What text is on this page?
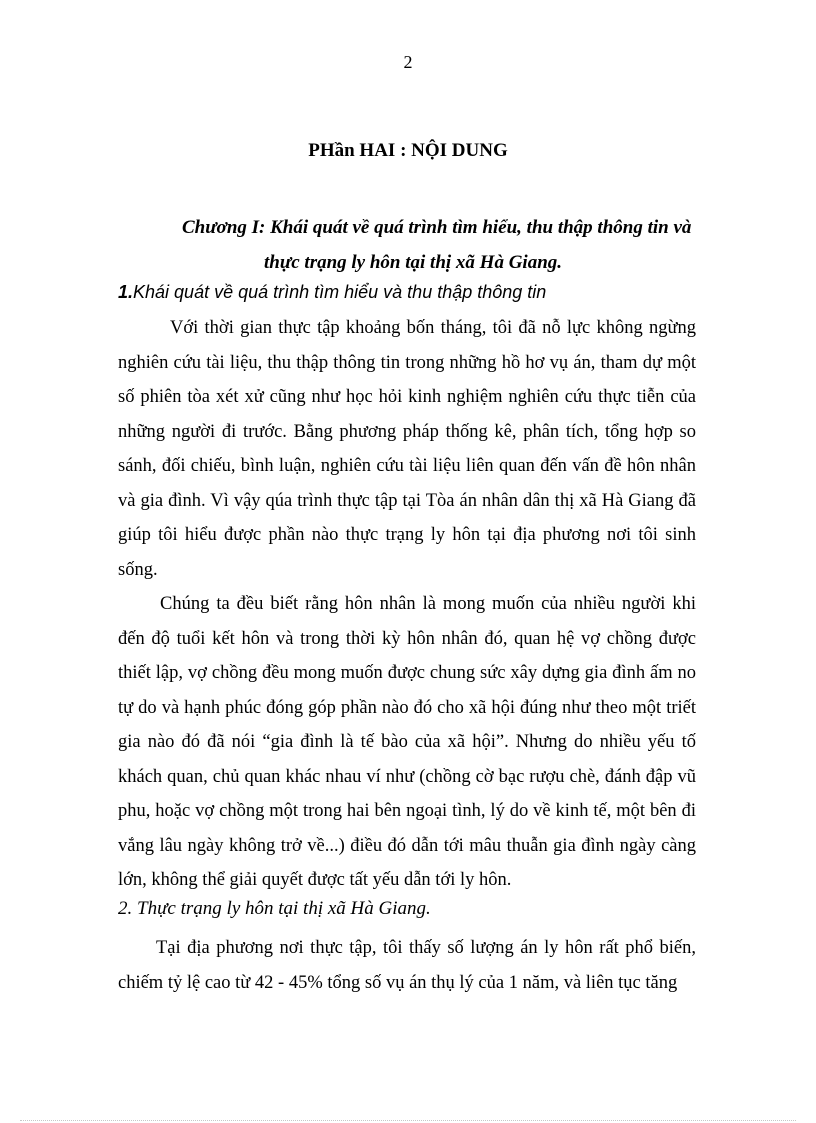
2
PHần HAI : NỘI DUNG
Chương I: Khái quát về quá trình tìm hiểu, thu thập thông tin và
thực trạng ly hôn tại thị xã Hà Giang.
1.Khái quát về quá trình tìm hiểu và thu thập thông tin

Với thời gian thực tập khoảng bốn tháng, tôi đã nỗ lực không ngừng nghiên cứu tài liệu, thu thập thông tin trong những hồ hơ vụ án, tham dự một số phiên tòa xét xử cũng như học hỏi kinh nghiệm nghiên cứu thực tiễn của những người đi trước. Bằng phương pháp thống kê, phân tích, tổng hợp so sánh, đối chiếu, bình luận, nghiên cứu tài liệu liên quan đến vấn đề hôn nhân và gia đình. Vì vậy qúa trình thực tập tại Tòa án nhân dân thị xã Hà Giang đã giúp tôi hiểu được phần nào thực trạng ly hôn tại địa phương nơi tôi sinh sống.

Chúng ta đều biết rằng hôn nhân là mong muốn của nhiều người khi đến độ tuổi kết hôn và trong thời kỳ hôn nhân đó, quan hệ vợ chồng được thiết lập, vợ chồng đều mong muốn được chung sức xây dựng gia đình ấm no tự do và hạnh phúc đóng góp phần nào đó cho xã hội đúng như theo một triết gia nào đó đã nói “gia đình là tế bào của xã hội”. Nhưng do nhiều yếu tố khách quan, chủ quan khác nhau ví như (chồng cờ bạc rượu chè, đánh đập vũ phu, hoặc vợ chồng một trong hai bên ngoại tình, lý do về kinh tế, một bên đi vắng lâu ngày không trở về...) điều đó dẫn tới mâu thuẫn gia đình ngày càng lớn, không thể giải quyết được tất yếu dẫn tới ly hôn.

2. Thực trạng ly hôn tại thị xã Hà Giang.

Tại địa phương nơi thực tập, tôi thấy số lượng án ly hôn rất phổ biến, chiếm tỷ lệ cao từ 42 - 45% tổng số vụ án thụ lý của 1 năm, và liên tục tăng
